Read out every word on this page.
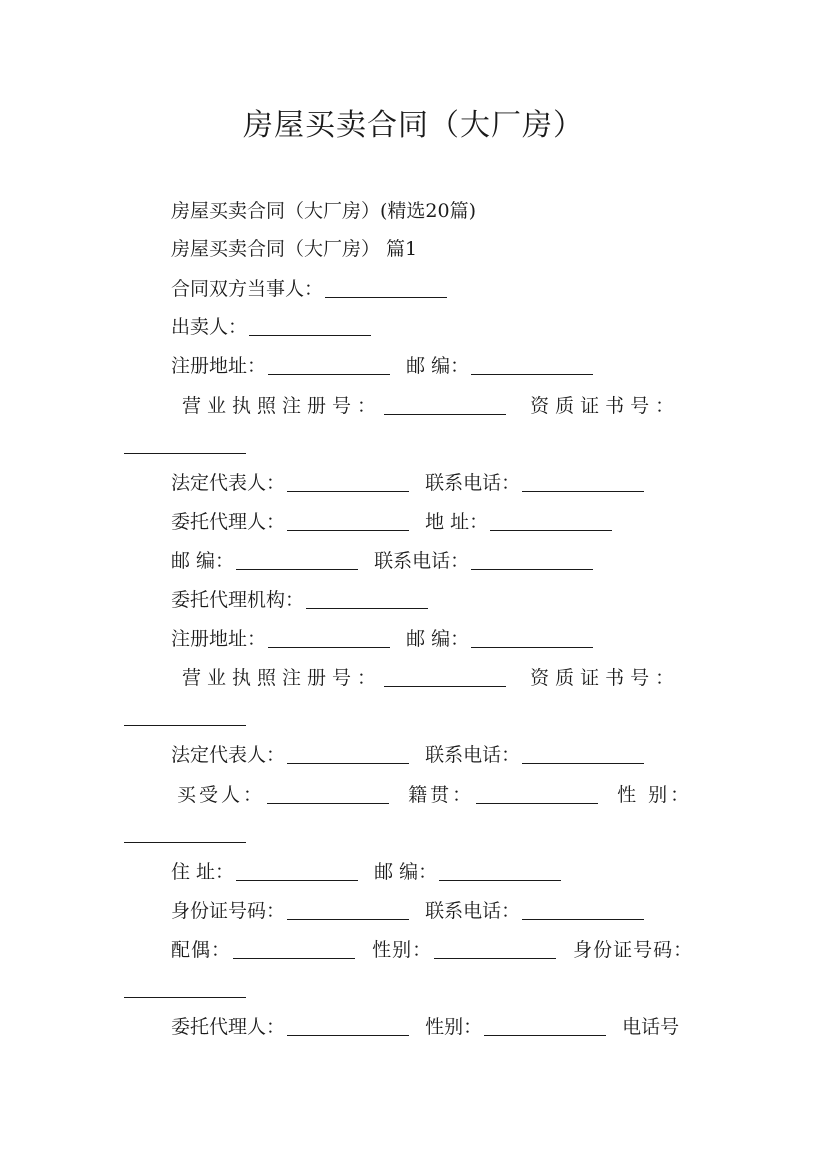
房屋买卖合同（大厂房）
房屋买卖合同（大厂房）(精选20篇)
房屋买卖合同（大厂房） 篇1
合同双方当事人：
出卖人：
注册地址：	邮 编：
营业执照注册号：	资质证书号：
法定代表人：	联系电话：
委托代理人：	地 址：
邮 编：	联系电话：
委托代理机构：
注册地址：	邮 编：
营业执照注册号：	资质证书号：
法定代表人：	联系电话：
买受人：	籍贯：	性 别：
住 址：	邮 编：
身份证号码：	联系电话：
配偶：	性别：	身份证号码：
委托代理人：	性别：	电话号
